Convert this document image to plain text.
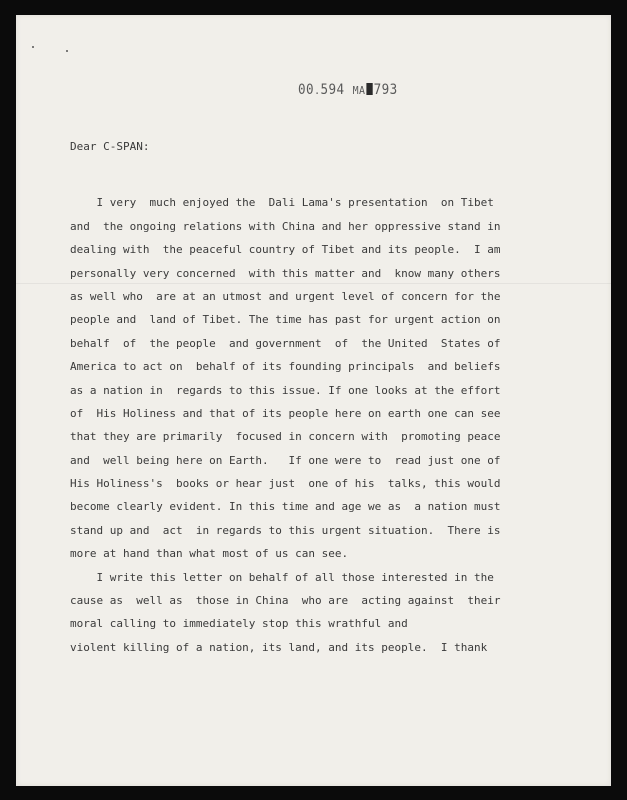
00.594 MA 793
Dear C-SPAN:
I very  much enjoyed the  Dali Lama's presentation  on Tibet
and  the ongoing relations with China and her oppressive stand in
dealing with  the peaceful country of Tibet and its people.  I am
personally very concerned  with this matter and  know many others
as well who  are at an utmost and urgent level of concern for the
people and  land of Tibet. The time has past for urgent action on
behalf  of  the people  and government  of  the United  States of
America to act on  behalf of its founding principals  and beliefs
as a nation in  regards to this issue. If one looks at the effort
of  His Holiness and that of its people here on earth one can see
that they are primarily  focused in concern with  promoting peace
and  well being here on Earth.   If one were to  read just one of
His Holiness's  books or hear just  one of his  talks, this would
become clearly evident. In this time and age we as  a nation must
stand up and  act  in regards to this urgent situation.  There is
more at hand than what most of us can see.
I write this letter on behalf of all those interested in the
cause as  well as  those in China  who are  acting against  their
moral calling to immediately stop this wrathful and
violent killing of a nation, its land, and its people.  I thank
